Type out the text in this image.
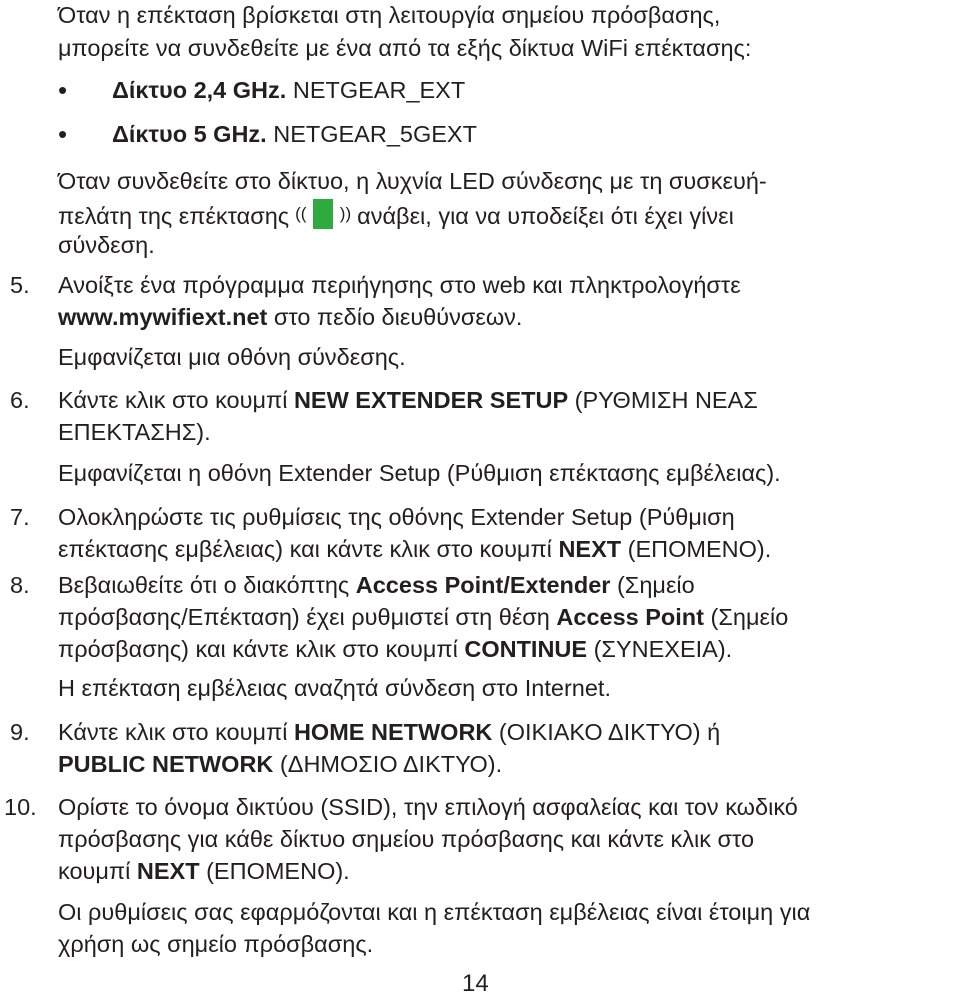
Όταν η επέκταση βρίσκεται στη λειτουργία σημείου πρόσβασης,
μπορείτε να συνδεθείτε με ένα από τα εξής δίκτυα WiFi επέκτασης:
• Δίκτυο 2,4 GHz. NETGEAR_EXT
• Δίκτυο 5 GHz. NETGEAR_5GEXT
Όταν συνδεθείτε στο δίκτυο, η λυχνία LED σύνδεσης με τη συσκευή-
πελάτη της επέκτασης (( )) ανάβει, για να υποδείξει ότι έχει γίνει
σύνδεση.
5. Ανοίξτε ένα πρόγραμμα περιήγησης στο web και πληκτρολογήστε
www.mywifiext.net στο πεδίο διευθύνσεων.
Εμφανίζεται μια οθόνη σύνδεσης.
6. Κάντε κλικ στο κουμπί NEW EXTENDER SETUP (ΡΥΘΜΙΣΗ ΝΕΑΣ
ΕΠΕΚΤΑΣΗΣ).
Εμφανίζεται η οθόνη Extender Setup (Ρύθμιση επέκτασης εμβέλειας).
7. Ολοκληρώστε τις ρυθμίσεις της οθόνης Extender Setup (Ρύθμιση
επέκτασης εμβέλειας) και κάντε κλικ στο κουμπί NEXT (ΕΠΟΜΕΝΟ).
8. Βεβαιωθείτε ότι ο διακόπτης Access Point/Extender (Σημείο
πρόσβασης/Επέκταση) έχει ρυθμιστεί στη θέση Access Point (Σημείο
πρόσβασης) και κάντε κλικ στο κουμπί CONTINUE (ΣΥΝΕΧΕΙΑ).
Η επέκταση εμβέλειας αναζητά σύνδεση στο Internet.
9. Κάντε κλικ στο κουμπί HOME NETWORK (ΟΙΚΙΑΚΟ ΔΙΚΤΥΟ) ή
PUBLIC NETWORK (ΔΗΜΟΣΙΟ ΔΙΚΤΥΟ).
10. Ορίστε το όνομα δικτύου (SSID), την επιλογή ασφαλείας και τον κωδικό
πρόσβασης για κάθε δίκτυο σημείου πρόσβασης και κάντε κλικ στο
κουμπί NEXT (ΕΠΟΜΕΝΟ).
Οι ρυθμίσεις σας εφαρμόζονται και η επέκταση εμβέλειας είναι έτοιμη για
χρήση ως σημείο πρόσβασης.
14
